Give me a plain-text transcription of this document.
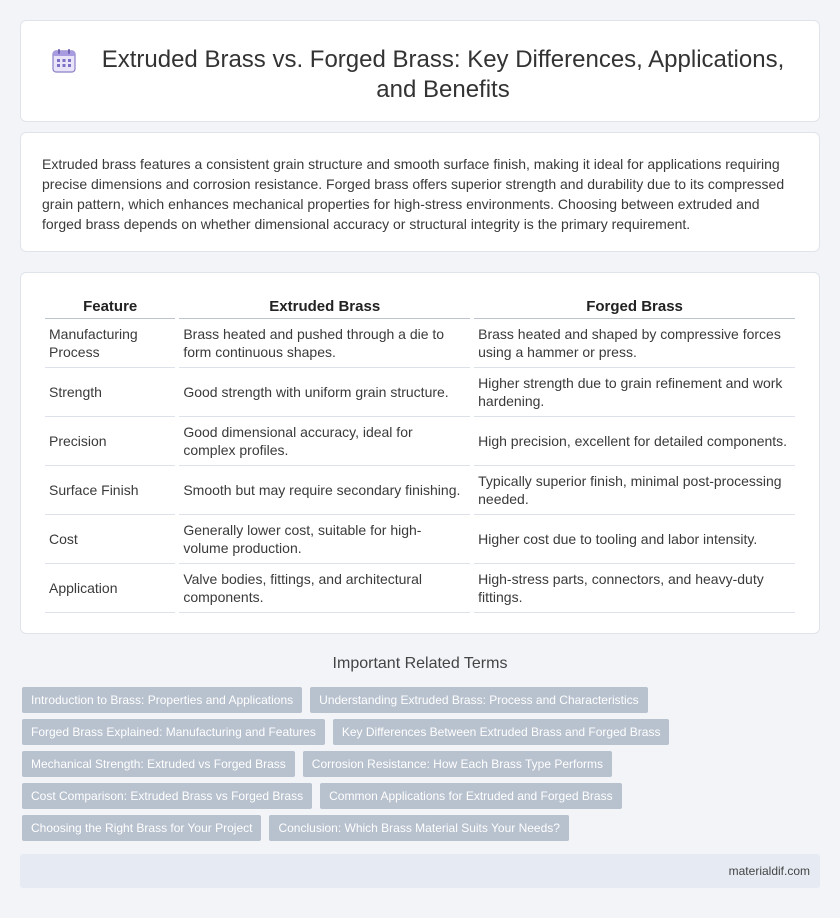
Extruded Brass vs. Forged Brass: Key Differences, Applications, and Benefits

Extruded brass features a consistent grain structure and smooth surface finish, making it ideal for applications requiring precise dimensions and corrosion resistance. Forged brass offers superior strength and durability due to its compressed grain pattern, which enhances mechanical properties for high-stress environments. Choosing between extruded and forged brass depends on whether dimensional accuracy or structural integrity is the primary requirement.

Feature	Extruded Brass	Forged Brass
Manufacturing Process	Brass heated and pushed through a die to form continuous shapes.	Brass heated and shaped by compressive forces using a hammer or press.
Strength	Good strength with uniform grain structure.	Higher strength due to grain refinement and work hardening.
Precision	Good dimensional accuracy, ideal for complex profiles.	High precision, excellent for detailed components.
Surface Finish	Smooth but may require secondary finishing.	Typically superior finish, minimal post-processing needed.
Cost	Generally lower cost, suitable for high-volume production.	Higher cost due to tooling and labor intensity.
Application	Valve bodies, fittings, and architectural components.	High-stress parts, connectors, and heavy-duty fittings.
Important Related Terms
Introduction to Brass: Properties and Applications	Understanding Extruded Brass: Process and Characteristics
Forged Brass Explained: Manufacturing and Features	Key Differences Between Extruded Brass and Forged Brass
Mechanical Strength: Extruded vs Forged Brass	Corrosion Resistance: How Each Brass Type Performs
Cost Comparison: Extruded Brass vs Forged Brass	Common Applications for Extruded and Forged Brass
Choosing the Right Brass for Your Project	Conclusion: Which Brass Material Suits Your Needs?
materialdif.com
